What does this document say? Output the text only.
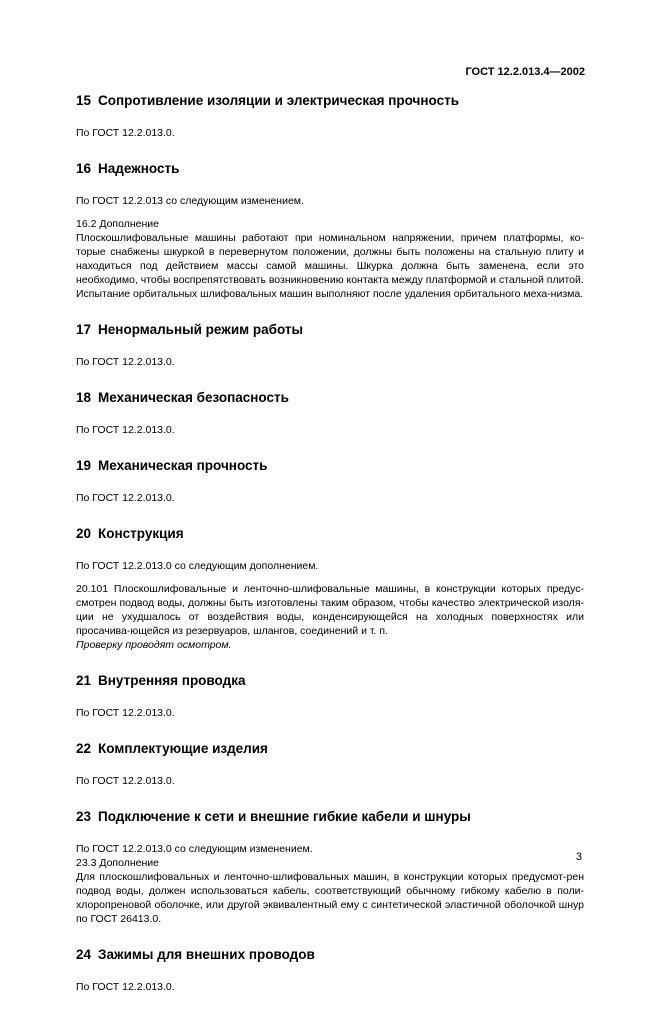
ГОСТ 12.2.013.4—2002
15 Сопротивление изоляции и электрическая прочность

По ГОСТ 12.2.013.0.

16 Надежность

По ГОСТ 12.2.013 со следующим изменением.

16.2 Дополнение

Плоскошлифовальные машины работают при номинальном напряжении, причем платформы, ко-торые снабжены шкуркой в перевернутом положении, должны быть положены на стальную плиту и находиться под действием массы самой машины. Шкурка должна быть заменена, если это необходимо, чтобы воспрепятствовать возникновению контакта между платформой и стальной плитой.

Испытание орбитальных шлифовальных машин выполняют после удаления орбитального меха-низма.

17 Ненормальный режим работы

По ГОСТ 12.2.013.0.

18 Механическая безопасность

По ГОСТ 12.2.013.0.

19 Механическая прочность

По ГОСТ 12.2.013.0.

20 Конструкция

По ГОСТ 12.2.013.0 со следующим дополнением.

20.101 Плоскошлифовальные и ленточно-шлифовальные машины, в конструкции которых предус-смотрен подвод воды, должны быть изготовлены таким образом, чтобы качество электрической изоля-ции не ухудшалось от воздействия воды, конденсирующейся на холодных поверхностях или просачива-ющейся из резервуаров, шлангов, соединений и т. п.

Проверку проводят осмотром.

21 Внутренняя проводка

По ГОСТ 12.2.013.0.

22 Комплектующие изделия

По ГОСТ 12.2.013.0.

23 Подключение к сети и внешние гибкие кабели и шнуры

По ГОСТ 12.2.013.0 со следующим изменением.

23.3 Дополнение

Для плоскошлифовальных и ленточно-шлифовальных машин, в конструкции которых предусмот-рен подвод воды, должен использоваться кабель, соответствующий обычному гибкому кабелю в поли-хлоропреновой оболочке, или другой эквивалентный ему с синтетической эластичной оболочкой шнур по ГОСТ 26413.0.

24 Зажимы для внешних проводов

По ГОСТ 12.2.013.0.

3
